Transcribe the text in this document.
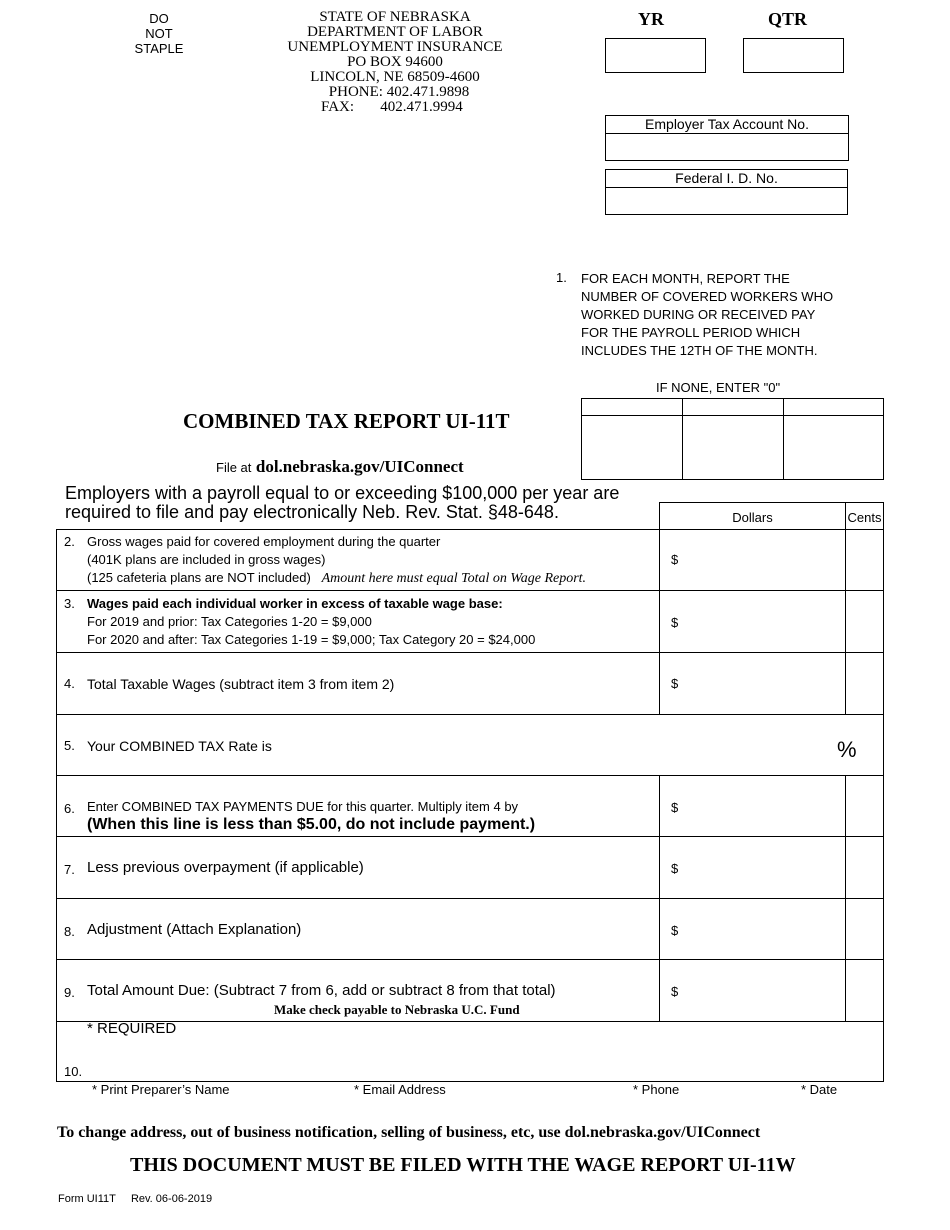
DO NOT
STAPLE
STATE OF NEBRASKA
DEPARTMENT OF LABOR
UNEMPLOYMENT INSURANCE
PO BOX 94600
LINCOLN, NE 68509-4600
PHONE: 402.471.9898
FAX:       402.471.9994
YR	QTR
Employer Tax Account No.
Federal I. D. No.
1. FOR EACH MONTH, REPORT THE
NUMBER OF COVERED WORKERS WHO
WORKED DURING OR RECEIVED PAY
FOR THE PAYROLL PERIOD WHICH
INCLUDES THE 12TH OF THE MONTH.
IF NONE, ENTER "0"
COMBINED TAX REPORT UI-11T
File at dol.nebraska.gov/UIConnect
Employers with a payroll equal to or exceeding $100,000 per year are
required to file and pay electronically Neb. Rev. Stat. §48-648.	Dollars	Cents
2. Gross wages paid for covered employment during the quarter
(401K plans are included in gross wages)
(125 cafeteria plans are NOT included) Amount here must equal Total on Wage Report.
$
3. Wages paid each individual worker in excess of taxable wage base:
For 2019 and prior: Tax Categories 1-20 = $9,000
For 2020 and after: Tax Categories 1-19 = $9,000; Tax Category 20 = $24,000
$
4. Total Taxable Wages (subtract item 3 from item 2)	$
5. Your COMBINED TAX Rate is	%
6. Enter COMBINED TAX PAYMENTS DUE for this quarter. Multiply item 4 by
(When this line is less than $5.00, do not include payment.)
$
7. Less previous overpayment (if applicable)	$
8. Adjustment (Attach Explanation)	$
9. Total Amount Due: (Subtract 7 from 6, add or subtract 8 from that total)
Make check payable to Nebraska U.C. Fund
$
* REQUIRED
10.
* Print Preparer’s Name	* Email Address	* Phone	* Date
To change address, out of business notification, selling of business, etc, use dol.nebraska.gov/UIConnect
THIS DOCUMENT MUST BE FILED WITH THE WAGE REPORT UI-11W
Form UI11T     Rev. 06-06-2019
